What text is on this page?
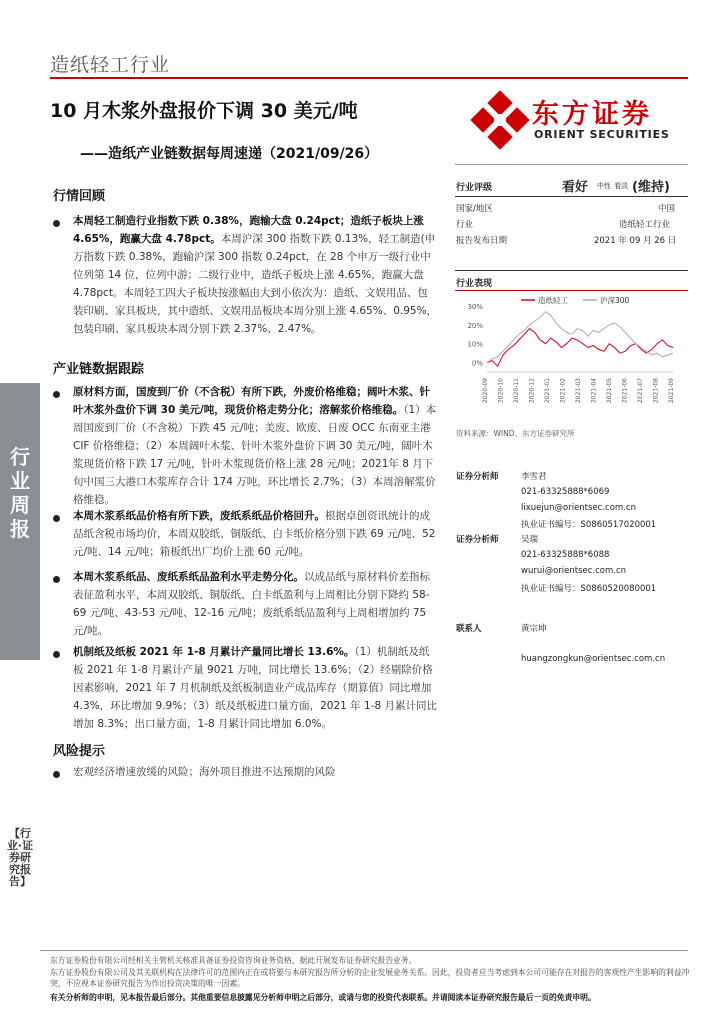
造纸轻工行业
10 月木浆外盘报价下调 30 美元/吨
——造纸产业链数据每周速递（2021/09/26）
东方证券
ORIENT SECURITIES
行业周报
【行业·证券研究报告】
行情回顾
本周轻工制造行业指数下跌 0.38%，跑输大盘 0.24pct；造纸子板块上涨 4.65%，跑赢大盘 4.78pct。本周沪深 300 指数下跌 0.13%，轻工制造(申万指数下跌 0.38%，跑输沪深 300 指数 0.24pct，在 28 个申万一级行业中位列第 14 位，位列中游；二级行业中，造纸子板块上涨 4.65%，跑赢大盘 4.78pct。本周轻工四大子板块按涨幅由大到小依次为：造纸、文娱用品、包装印刷、家具板块，其中造纸、文娱用品板块本周分别上涨 4.65%、0.95%，包装印刷、家具板块本周分别下跌 2.37%、2.47%。
产业链数据跟踪
原材料方面，国废到厂价（不含税）有所下跌，外废价格维稳；阔叶木浆、针叶木浆外盘价下调 30 美元/吨，现货价格走势分化；溶解浆价格维稳。（1）本周国废到厂价（不含税）下跌 45 元/吨；美废、欧废、日废 OCC 东南亚主港 CIF 价格维稳；（2）本周阔叶木浆、针叶木浆外盘价下调 30 美元/吨，阔叶木浆现货价格下跌 17 元/吨，针叶木浆现货价格上涨 28 元/吨；2021年 8 月下旬中国三大港口木浆库存合计 174 万吨，环比增长 2.7%；（3）本周溶解浆价格维稳。
本周木浆系纸品价格有所下跌，废纸系纸品价格回升。根据卓创资讯统计的成品纸含税市场均价，本周双胶纸、铜版纸、白卡纸价格分别下跌 69 元/吨、52 元/吨、14 元/吨；箱板纸出厂均价上涨 60 元/吨。
本周木浆系纸品、废纸系纸品盈利水平走势分化。以成品纸与原材料价差指标表征盈利水平，本周双胶纸、铜版纸、白卡纸盈利与上周相比分别下降约 58-69 元/吨、43-53 元/吨、12-16 元/吨；废纸系纸品盈利与上周相增加约 75 元/吨。
机制纸及纸板 2021 年 1-8 月累计产量同比增长 13.6%。（1）机制纸及纸板 2021 年 1-8 月累计产量 9021 万吨，同比增长 13.6%；（2）经剔除价格因素影响，2021 年 7 月机制纸及纸板制造业产成品库存（期算值）同比增加 4.3%，环比增加 9.9%；（3）纸及纸板进口量方面，2021 年 1-8 月累计同比增加 8.3%；出口量方面，1-8 月累计同比增加 6.0%。
风险提示
宏观经济增速放缓的风险；海外项目推进不达预期的风险
行业评级	看好 中性 看淡 (维持)
国家/地区	中国
行业	造纸轻工行业
报告发布日期	2021 年 09 月 26 日
行业表现
30%
20%
10%
0%
2020-09 2020-10 2020-11 2020-12 2021-01 2021-02 2021-03 2021-04 2021-05 2021-06 2021-07 2021-08 2021-09
造纸轻工	沪深300
资料来源：WIND、东方证券研究所
证券分析师	李雪君
021-63325888*6069
lixuejun@orientsec.com.cn
执业证书编号：S0860517020001
证券分析师	吴瑞
021-63325888*6088
wurui@orientsec.com.cn
执业证书编号：S0860520080001
联系人	黄宗坤
huangzongkun@orientsec.com.cn
东方证券股份有限公司经相关主管机关核准具备证券投资咨询业务资格，据此开展发布证券研究报告业务。
东方证券股份有限公司及其关联机构在法律许可的范围内正在或将要与本研究报告所分析的企业发展业务关系。因此，投资者应当考虑到本公司可能存在对报告的客观性产生影响的利益冲突，不应视本证券研究报告为作出投资决策的唯一因素。
有关分析师的申明，见本报告最后部分。其他重要信息披露见分析师申明之后部分，或请与您的投资代表联系。并请阅读本证券研究报告最后一页的免责申明。
